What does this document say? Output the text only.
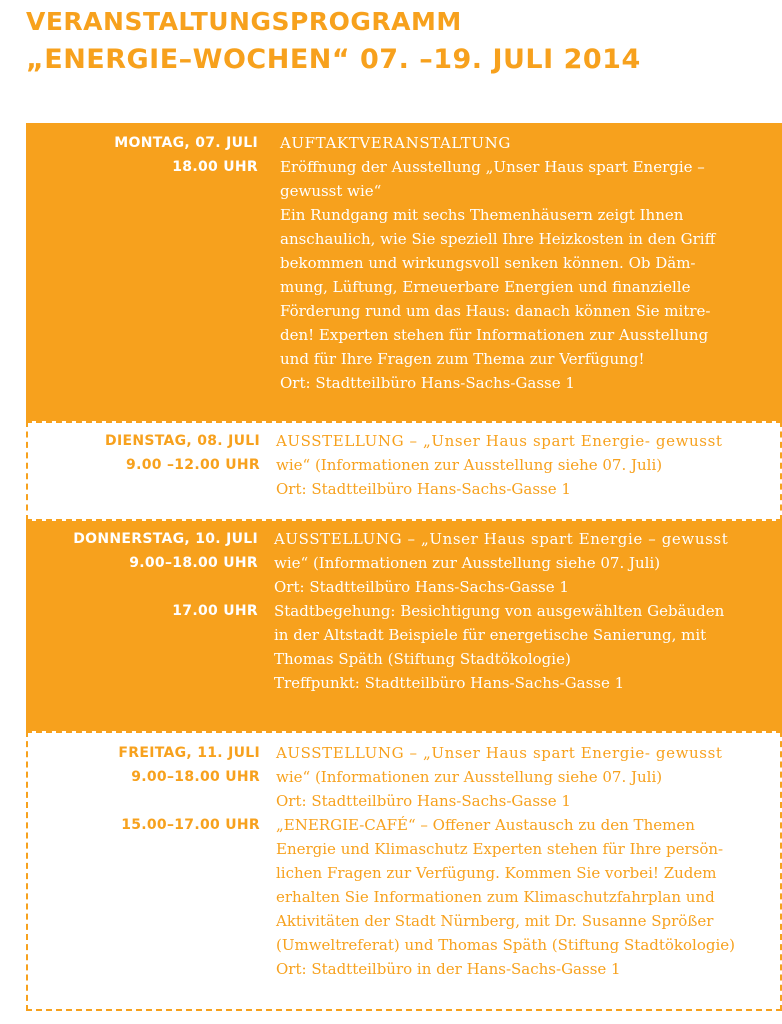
VERANSTALTUNGSPROGRAMM
„ENERGIE–WOCHEN“ 07. –19. JULI 2014
MONTAG, 07. JULI
18.00 UHR
AUFTAKTVERANSTALTUNG
Eröffnung der Ausstellung „Unser Haus spart Energie –
gewusst wie“
Ein Rundgang mit sechs Themenhäusern zeigt Ihnen
anschaulich, wie Sie speziell Ihre Heizkosten in den Griff
bekommen und wirkungsvoll senken können. Ob Däm-
mung, Lüftung, Erneuerbare Energien und finanzielle
Förderung rund um das Haus: danach können Sie mitre-
den! Experten stehen für Informationen zur Ausstellung
und für Ihre Fragen zum Thema zur Verfügung!
Ort: Stadtteilbüro Hans-Sachs-Gasse 1
DIENSTAG, 08. JULI
9.00 –12.00 UHR
AUSSTELLUNG – „Unser Haus spart Energie- gewusst
wie“ (Informationen zur Ausstellung siehe 07. Juli)
Ort: Stadtteilbüro Hans-Sachs-Gasse 1
DONNERSTAG, 10. JULI
9.00–18.00 UHR
AUSSTELLUNG – „Unser Haus spart Energie – gewusst
wie“ (Informationen zur Ausstellung siehe 07. Juli)
Ort: Stadtteilbüro Hans-Sachs-Gasse 1
17.00 UHR Stadtbegehung: Besichtigung von ausgewählten Gebäuden
in der Altstadt Beispiele für energetische Sanierung, mit
Thomas Späth (Stiftung Stadtökologie)
Treffpunkt: Stadtteilbüro Hans-Sachs-Gasse 1
FREITAG, 11. JULI
9.00–18.00 UHR
AUSSTELLUNG – „Unser Haus spart Energie- gewusst
wie“ (Informationen zur Ausstellung siehe 07. Juli)
Ort: Stadtteilbüro Hans-Sachs-Gasse 1
15.00–17.00 UHR „ENERGIE-CAFÉ“ – Offener Austausch zu den Themen
Energie und Klimaschutz Experten stehen für Ihre persön-
lichen Fragen zur Verfügung. Kommen Sie vorbei! Zudem
erhalten Sie Informationen zum Klimaschutzfahrplan und
Aktivitäten der Stadt Nürnberg, mit Dr. Susanne Sprößer
(Umweltreferat) und Thomas Späth (Stiftung Stadtökologie)
Ort: Stadtteilbüro in der Hans-Sachs-Gasse 1
